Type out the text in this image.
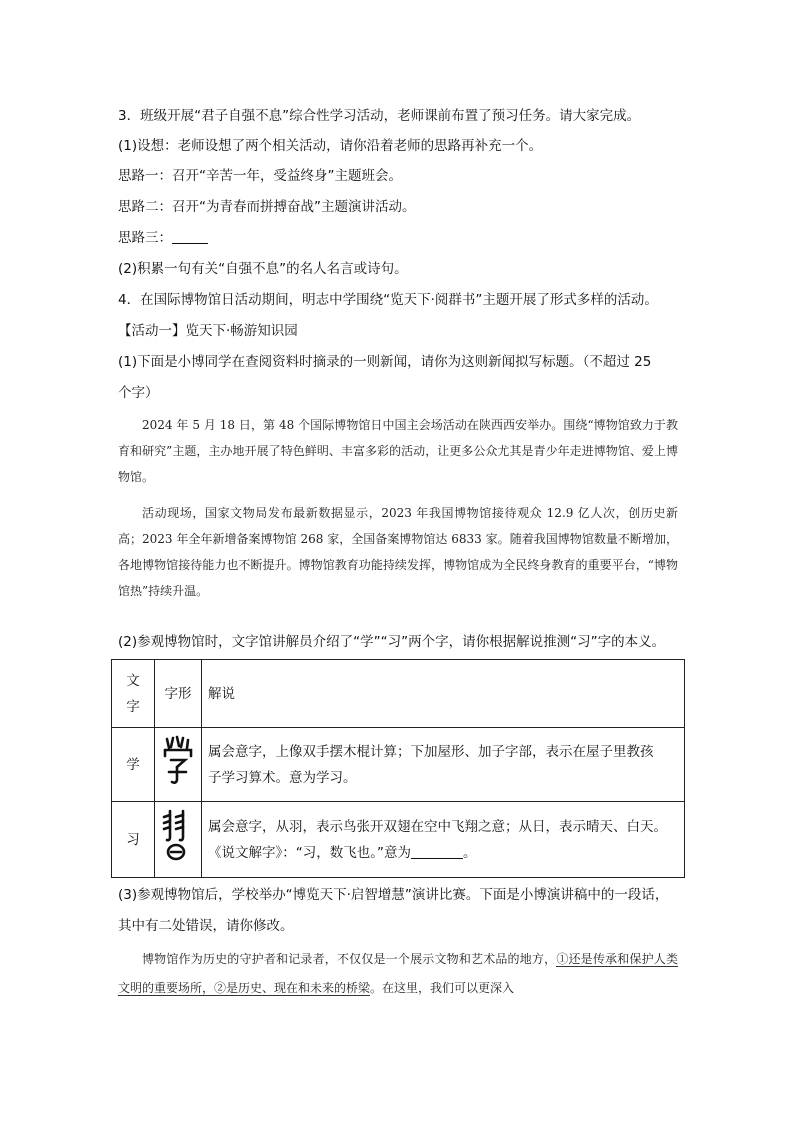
3．班级开展“君子自强不息”综合性学习活动，老师课前布置了预习任务。请大家完成。
(1)设想：老师设想了两个相关活动，请你沿着老师的思路再补充一个。
思路一：召开“辛苦一年，受益终身”主题班会。
思路二：召开“为青春而拼搏奋战”主题演讲活动。
思路三：
(2)积累一句有关“自强不息”的名人名言或诗句。
4．在国际博物馆日活动期间，明志中学围绕“览天下·阅群书”主题开展了形式多样的活动。
【活动一】览天下·畅游知识园
(1)下面是小博同学在查阅资料时摘录的一则新闻，请你为这则新闻拟写标题。（不超过 25
个字）

2024 年 5 月 18 日，第 48 个国际博物馆日中国主会场活动在陕西西安举办。围绕“博物馆致力于教育和研究”主题，主办地开展了特色鲜明、丰富多彩的活动，让更多公众尤其是青少年走进博物馆、爱上博物馆。

活动现场，国家文物局发布最新数据显示，2023 年我国博物馆接待观众 12.9 亿人次，创历史新高；2023 年全年新增备案博物馆 268 家，全国备案博物馆达 6833 家。随着我国博物馆数量不断增加，各地博物馆接待能力也不断提升。博物馆教育功能持续发挥，博物馆成为全民终身教育的重要平台，“博物馆热”持续升温。

(2)参观博物馆时，文字馆讲解员介绍了“学”“习”两个字，请你根据解说推测“习”字的本义。
文
字	字形	解说
学		属会意字，上像双手摆木棍计算；下加屋形、加子字部，表示在屋子里教孩
子学习算术。意为学习。

习		属会意字，从羽，表示鸟张开双翅在空中飞翔之意；从日，表示晴天、白天。
《说文解字》：“习，数飞也。”意为 。
(3)参观博物馆后，学校举办“博览天下·启智增慧”演讲比赛。下面是小博演讲稿中的一段话，
其中有二处错误，请你修改。

博物馆作为历史的守护者和记录者，不仅仅是一个展示文物和艺术品的地方，①还是传承和保护人类文明的重要场所，②是历史、现在和未来的桥梁。在这里，我们可以更深入
